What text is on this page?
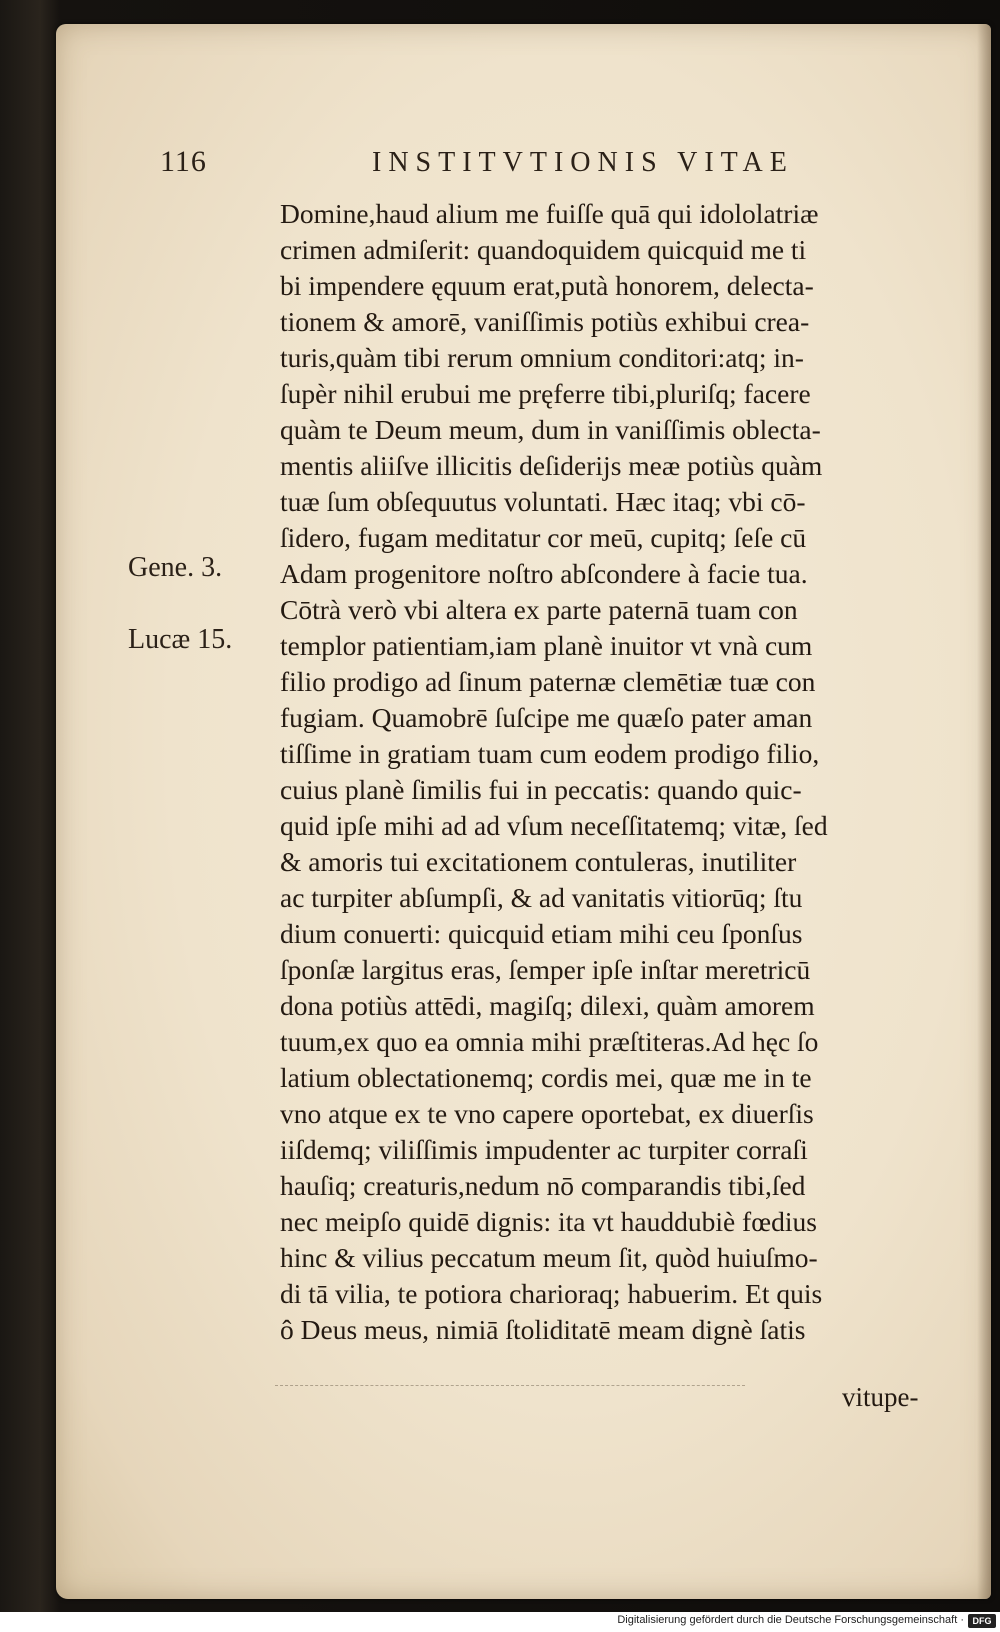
116	INSTITVTIONIS VITAE
Gene. 3.
Lucæ 15.
Domine,haud alium me fuiſſe quā qui idololatriæ
crimen admiſerit: quandoquidem quicquid me ti
bi impendere ęquum erat,putà honorem, delecta-
tionem & amorē, vaniſſimis potiùs exhibui crea-
turis,quàm tibi rerum omnium conditori:atq; in-
ſupèr nihil erubui me pręferre tibi,pluriſq; facere
quàm te Deum meum, dum in vaniſſimis oblecta-
mentis aliiſve illicitis deſiderijs meæ potiùs quàm
tuæ ſum obſequutus voluntati. Hæc itaq; vbi cō-
ſidero, fugam meditatur cor meū, cupitq; ſeſe cū
Adam progenitore noſtro abſcondere à facie tua.
Cōtrà verò vbi altera ex parte paternā tuam con
templor patientiam,iam planè inuitor vt vnà cum
filio prodigo ad ſinum paternæ clemētiæ tuæ con
fugiam. Quamobrē ſuſcipe me quæſo pater aman
tiſſime in gratiam tuam cum eodem prodigo filio,
cuius planè ſimilis fui in peccatis: quando quic-
quid ipſe mihi ad ad vſum neceſſitatemq; vitæ, ſed
& amoris tui excitationem contuleras, inutiliter
ac turpiter abſumpſi, & ad vanitatis vitiorūq; ſtu
dium conuerti: quicquid etiam mihi ceu ſponſus
ſponſæ largitus eras, ſemper ipſe inſtar meretricū
dona potiùs attēdi, magiſq; dilexi, quàm amorem
tuum,ex quo ea omnia mihi præſtiteras.Ad hęc ſo
latium oblectationemq; cordis mei, quæ me in te
vno atque ex te vno capere oportebat, ex diuerſis
iiſdemq; viliſſimis impudenter ac turpiter corraſi
hauſiq; creaturis,nedum nō comparandis tibi,ſed
nec meipſo quidē dignis: ita vt hauddubiè fœdius
hinc & vilius peccatum meum ſit, quòd huiuſmo-
di tā vilia, te potiora charioraq; habuerim. Et quis
ô Deus meus, nimiā ſtoliditatē meam dignè ſatis
vitupe-
Digitalisierung gefördert durch die Deutsche Forschungsgemeinschaft · DFG
